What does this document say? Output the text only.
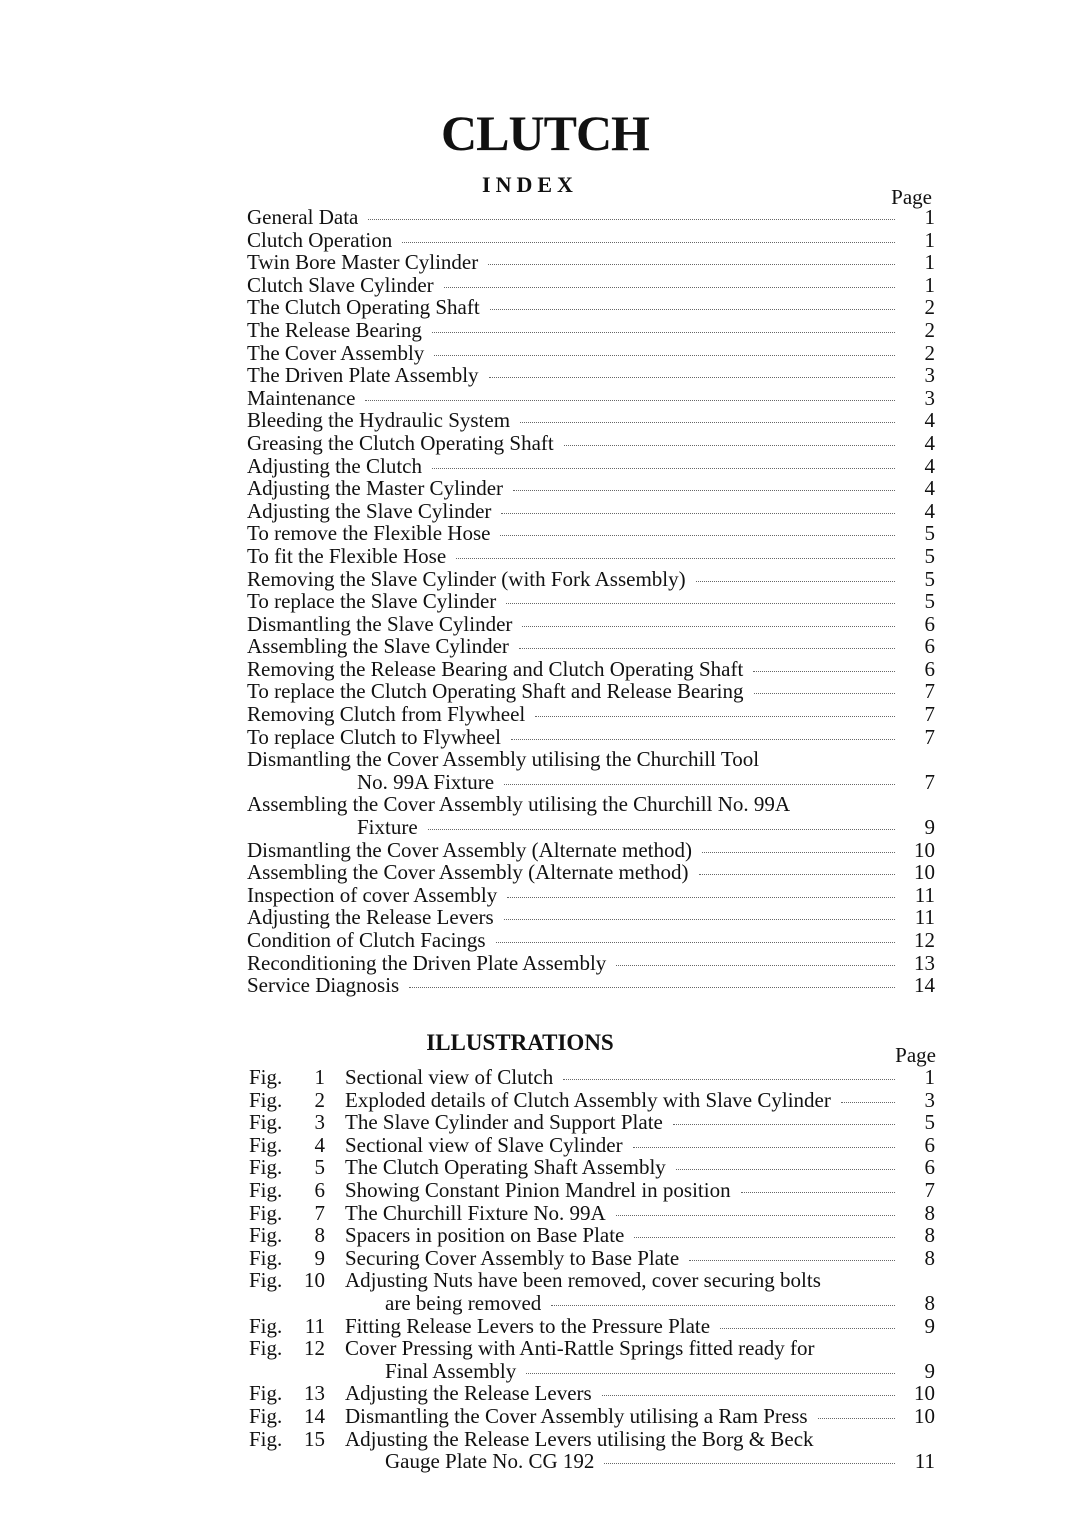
CLUTCH
INDEX	Page
General Data	1
Clutch Operation	1
Twin Bore Master Cylinder	1
Clutch Slave Cylinder	1
The Clutch Operating Shaft	2
The Release Bearing	2
The Cover Assembly	2
The Driven Plate Assembly	3
Maintenance	3
Bleeding the Hydraulic System	4
Greasing the Clutch Operating Shaft	4
Adjusting the Clutch	4
Adjusting the Master Cylinder	4
Adjusting the Slave Cylinder	4
To remove the Flexible Hose	5
To fit the Flexible Hose	5
Removing the Slave Cylinder (with Fork Assembly)	5
To replace the Slave Cylinder	5
Dismantling the Slave Cylinder	6
Assembling the Slave Cylinder	6
Removing the Release Bearing and Clutch Operating Shaft	6
To replace the Clutch Operating Shaft and Release Bearing	7
Removing Clutch from Flywheel	7
To replace Clutch to Flywheel	7
Dismantling the Cover Assembly utilising the Churchill Tool
No. 99A Fixture	7
Assembling the Cover Assembly utilising the Churchill No. 99A
Fixture	9
Dismantling the Cover Assembly (Alternate method)	10
Assembling the Cover Assembly (Alternate method)	10
Inspection of cover Assembly	11
Adjusting the Release Levers	11
Condition of Clutch Facings	12
Reconditioning the Driven Plate Assembly	13
Service Diagnosis	14
ILLUSTRATIONS	Page
Fig.	1 Sectional view of Clutch	1
Fig.	2 Exploded details of Clutch Assembly with Slave Cylinder	3
Fig.	3 The Slave Cylinder and Support Plate	5
Fig.	4 Sectional view of Slave Cylinder	6
Fig.	5 The Clutch Operating Shaft Assembly	6
Fig.	6 Showing Constant Pinion Mandrel in position	7
Fig.	7 The Churchill Fixture No. 99A	8
Fig.	8 Spacers in position on Base Plate	8
Fig.	9 Securing Cover Assembly to Base Plate	8
Fig.	10 Adjusting Nuts have been removed, cover securing bolts
are being removed	8
Fig.	11 Fitting Release Levers to the Pressure Plate	9
Fig.	12 Cover Pressing with Anti-Rattle Springs fitted ready for
Final Assembly	9
Fig.	13 Adjusting the Release Levers	10
Fig.	14 Dismantling the Cover Assembly utilising a Ram Press	10
Fig.	15 Adjusting the Release Levers utilising the Borg & Beck
Gauge Plate No. CG 192	11
